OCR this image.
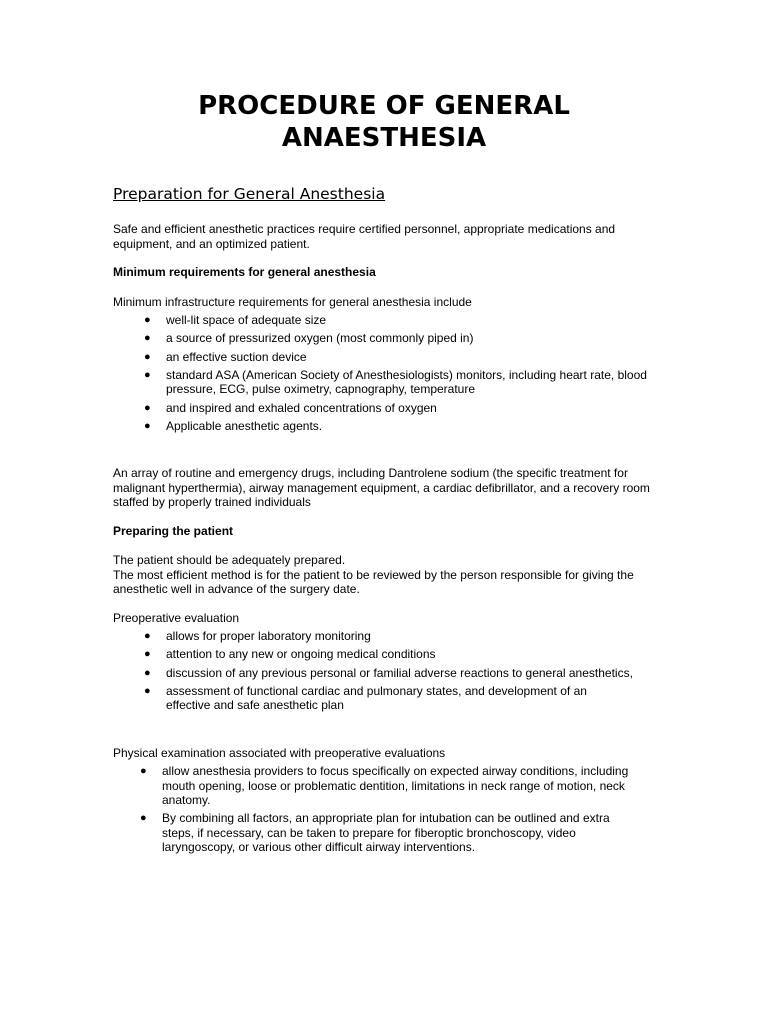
PROCEDURE OF GENERAL ANAESTHESIA
Preparation for General Anesthesia
Safe and efficient anesthetic practices require certified personnel, appropriate medications and equipment, and an optimized patient.
Minimum requirements for general anesthesia
Minimum infrastructure requirements for general anesthesia include
● well-lit space of adequate size
● a source of pressurized oxygen (most commonly piped in)
● an effective suction device
● standard ASA (American Society of Anesthesiologists) monitors, including heart rate, blood pressure, ECG, pulse oximetry, capnography, temperature
● and inspired and exhaled concentrations of oxygen
● Applicable anesthetic agents.
An array of routine and emergency drugs, including Dantrolene sodium (the specific treatment for malignant hyperthermia), airway management equipment, a cardiac defibrillator, and a recovery room staffed by properly trained individuals
Preparing the patient
The patient should be adequately prepared.
The most efficient method is for the patient to be reviewed by the person responsible for giving the anesthetic well in advance of the surgery date.
Preoperative evaluation
● allows for proper laboratory monitoring
● attention to any new or ongoing medical conditions
● discussion of any previous personal or familial adverse reactions to general anesthetics,
● assessment of functional cardiac and pulmonary states, and development of an effective and safe anesthetic plan
Physical examination associated with preoperative evaluations
● allow anesthesia providers to focus specifically on expected airway conditions, including mouth opening, loose or problematic dentition, limitations in neck range of motion, neck anatomy.
● By combining all factors, an appropriate plan for intubation can be outlined and extra steps, if necessary, can be taken to prepare for fiberoptic bronchoscopy, video laryngoscopy, or various other difficult airway interventions.
